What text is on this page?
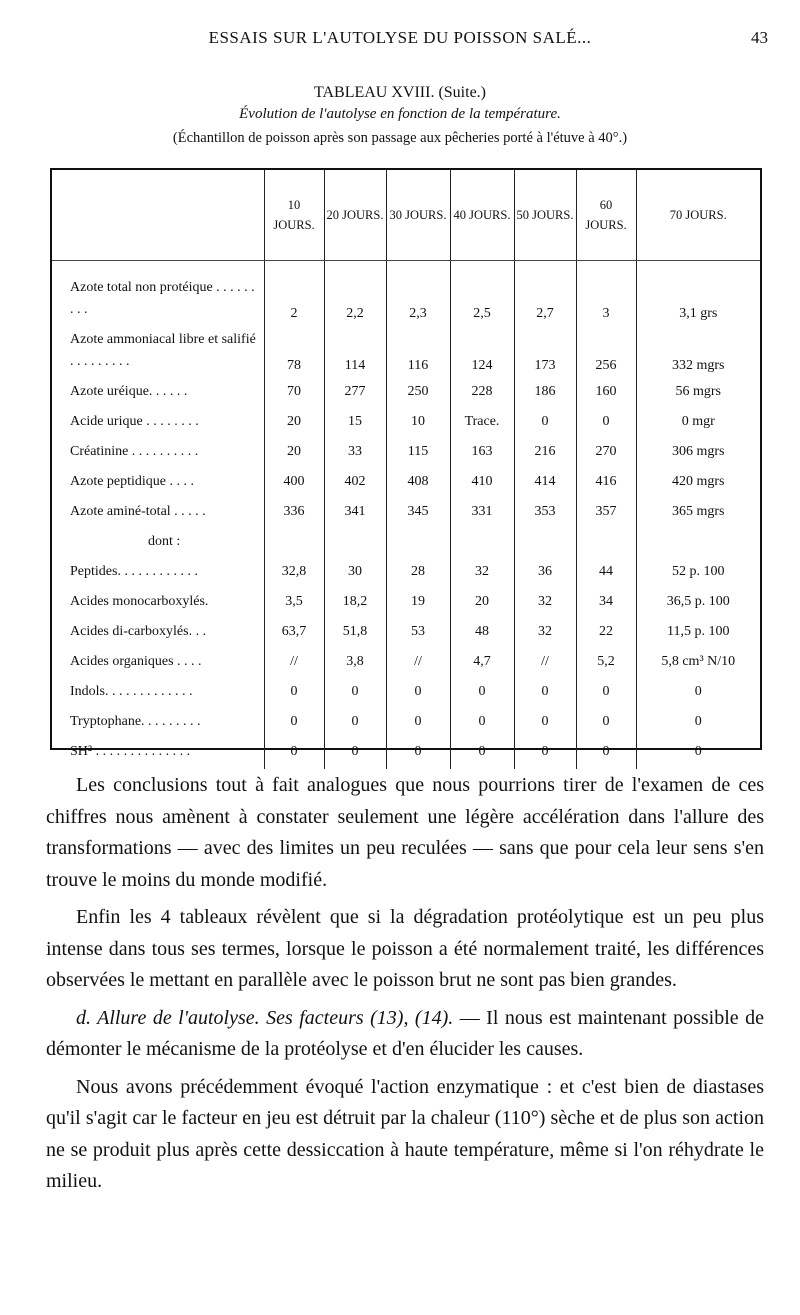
ESSAIS SUR L'AUTOLYSE DU POISSON SALÉ...	43
TABLEAU XVIII. (Suite.)
Évolution de l'autolyse en fonction de la température.
(Échantillon de poisson après son passage aux pêcheries porté à l'étuve à 40°.)
	10 JOURS.	20 JOURS.	30 JOURS.	40 JOURS.	50 JOURS.	60 JOURS.	70 JOURS.
Azote total non protéique . . . . . . . . .	2	2,2	2,3	2,5	2,7	3	3,1 grs
Azote ammoniacal libre et salifié . . . . . . . . .	78	114	116	124	173	256	332 mgrs
Azote uréique. . . . . .	70	277	250	228	186	160	56 mgrs
Acide urique . . . . . . . .	20	15	10	Trace.	0	0	0 mgr
Créatinine . . . . . . . . . .	20	33	115	163	216	270	306 mgrs
Azote peptidique . . . .	400	402	408	410	414	416	420 mgrs
Azote aminé-total . . . . .	336	341	345	331	353	357	365 mgrs
dont :							
Peptides. . . . . . . . . . . .	32,8	30	28	32	36	44	52 p. 100
Acides monocarboxylés.	3,5	18,2	19	20	32	34	36,5 p. 100
Acides di-carboxylés. . .	63,7	51,8	53	48	32	22	11,5 p. 100
Acides organiques . . . .	//	3,8	//	4,7	//	5,2	5,8 cm³ N/10
Indols. . . . . . . . . . . . .	0	0	0	0	0	0	0
Tryptophane. . . . . . . . .	0	0	0	0	0	0	0
SH² . . . . . . . . . . . . . .	0	0	0	0	0	0	0

Les conclusions tout à fait analogues que nous pourrions tirer de l'examen de ces chiffres nous amènent à constater seulement une légère accélération dans l'allure des transformations — avec des limites un peu reculées — sans que pour cela leur sens s'en trouve le moins du monde modifié.

Enfin les 4 tableaux révèlent que si la dégradation protéolytique est un peu plus intense dans tous ses termes, lorsque le poisson a été normalement traité, les différences observées le mettant en parallèle avec le poisson brut ne sont pas bien grandes.

d. Allure de l'autolyse. Ses facteurs (13), (14). — Il nous est maintenant possible de démonter le mécanisme de la protéolyse et d'en élucider les causes.

Nous avons précédemment évoqué l'action enzymatique : et c'est bien de diastases qu'il s'agit car le facteur en jeu est détruit par la chaleur (110°) sèche et de plus son action ne se produit plus après cette dessiccation à haute température, même si l'on réhydrate le milieu.
